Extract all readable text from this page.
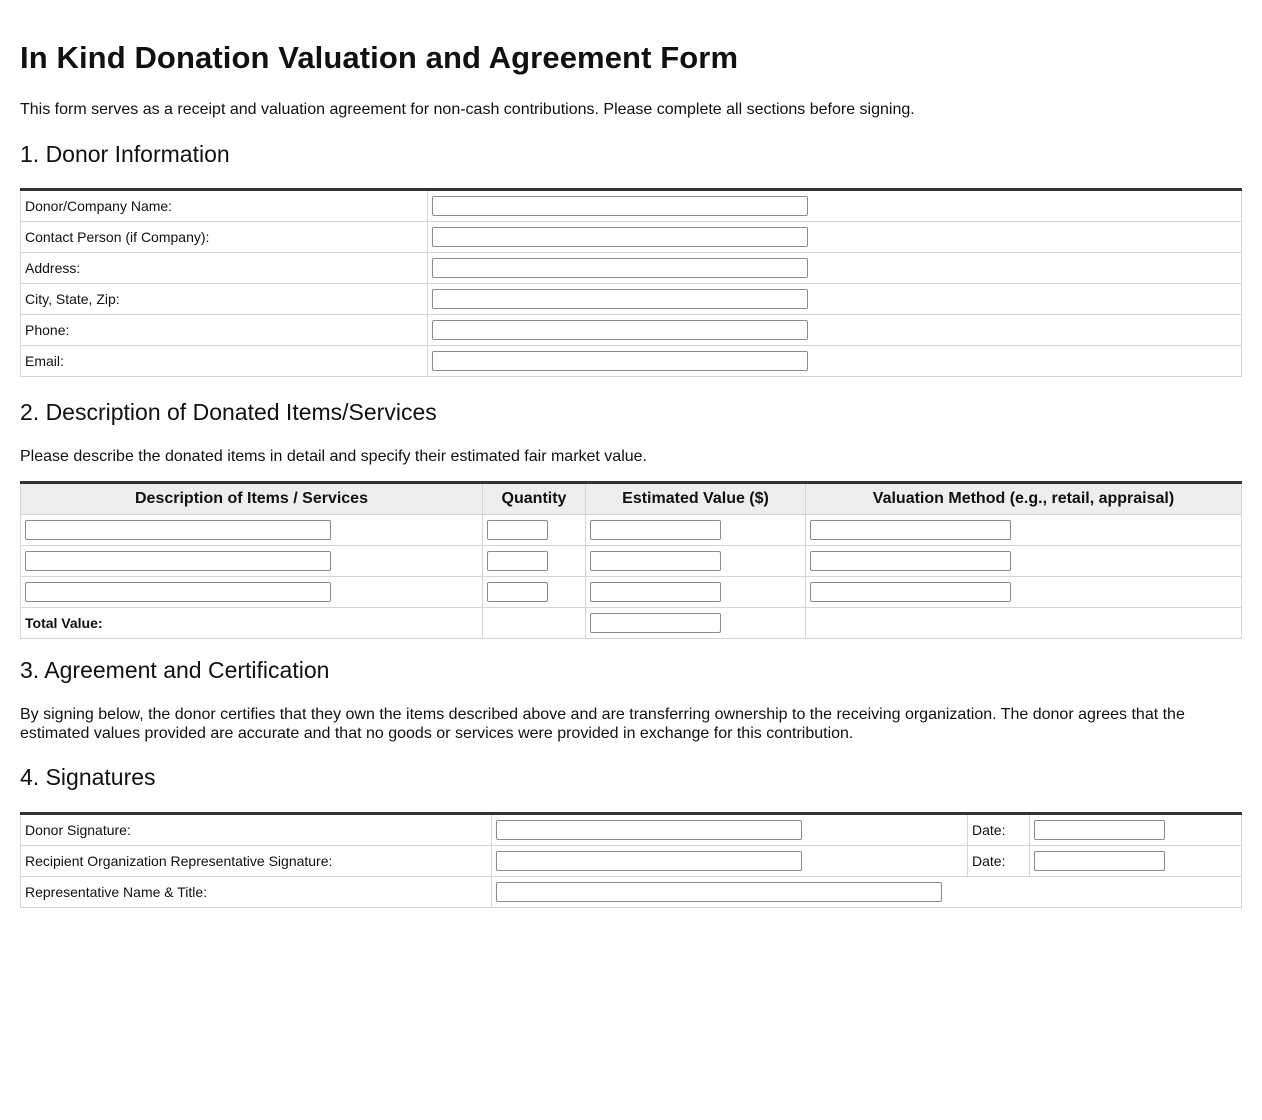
In Kind Donation Valuation and Agreement Form

This form serves as a receipt and valuation agreement for non-cash contributions. Please complete all sections before signing.

1. Donor Information
Donor/Company Name:	

Contact Person (if Company):	

Address:	

City, State, Zip:	

Phone:	

Email:	
2. Description of Donated Items/Services

Please describe the donated items in detail and specify their estimated fair market value.

Description of Items / Services	Quantity	Estimated Value ($)	Valuation Method (e.g., retail, appraisal)

Total Value:		

3. Agreement and Certification

By signing below, the donor certifies that they own the items described above and are transferring ownership to the receiving organization. The donor agrees that the estimated values provided are accurate and that no goods or services were provided in exchange for this contribution.

4. Signatures
Donor Signature:		Date:	

Recipient Organization Representative Signature:		Date:	

Representative Name & Title:	
